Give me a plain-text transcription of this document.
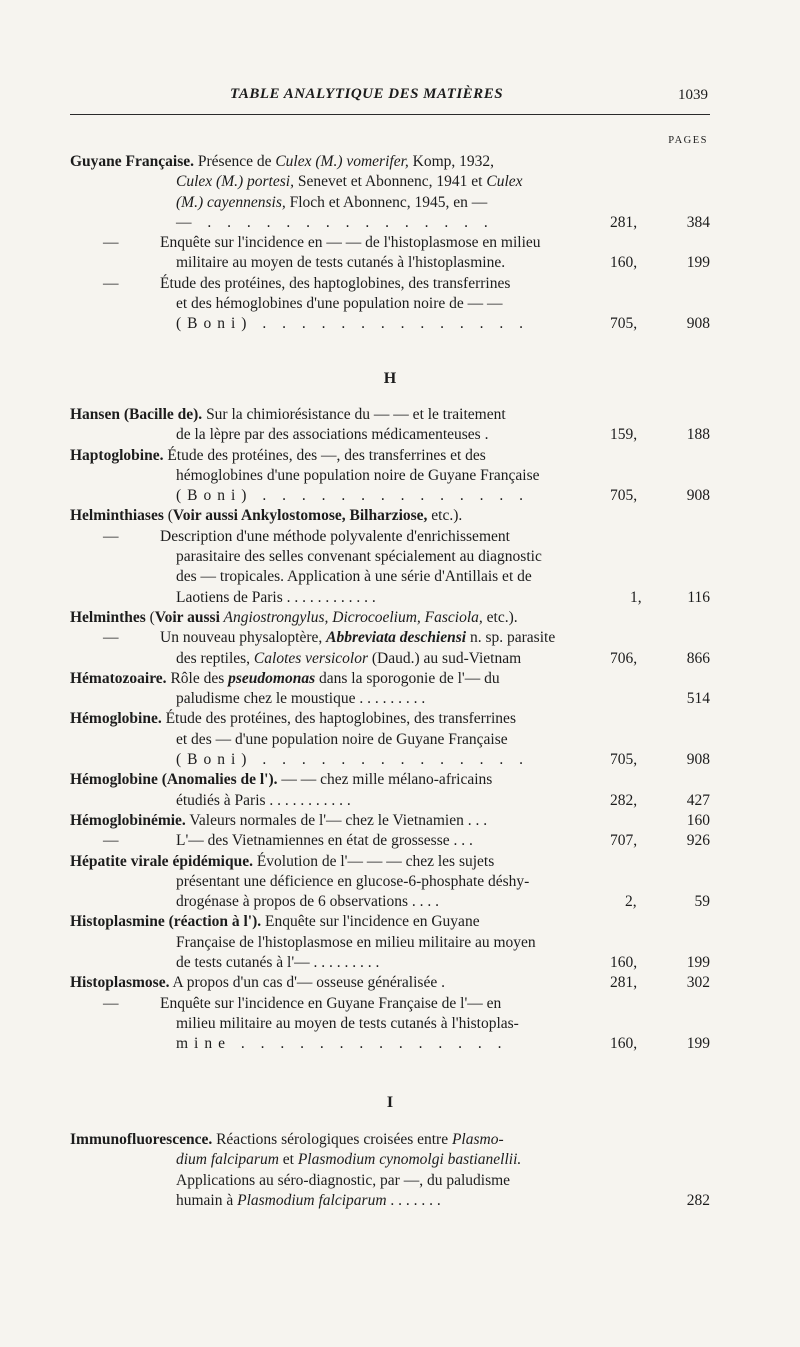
TABLE ANALYTIQUE DES MATIÈRES	1039
PAGES
Guyane Française. Présence de Culex (M.) vomerifer, Komp, 1932,
Culex (M.) portesi, Senevet et Abonnenc, 1941 et Culex
(M.) cayennensis, Floch et Abonnenc, 1945, en —
— . . . . . . . . . . . . . . .	281,	384
—	Enquête sur l'incidence en — — de l'histoplasmose en milieu
militaire au moyen de tests cutanés à l'histoplasmine.	160,	199
—	Étude des protéines, des haptoglobines, des transferrines
et des hémoglobines d'une population noire de — —
(Boni) . . . . . . . . . . . . . .	705,	908
H
Hansen (Bacille de). Sur la chimiorésistance du — — et le traitement
de la lèpre par des associations médicamenteuses .	159,	188
Haptoglobine. Étude des protéines, des —, des transferrines et des
hémoglobines d'une population noire de Guyane Française
(Boni) . . . . . . . . . . . . . .	705,	908
Helminthiases (Voir aussi Ankylostomose, Bilharziose, etc.).
—	Description d'une méthode polyvalente d'enrichissement
parasitaire des selles convenant spécialement au diagnostic
des — tropicales. Application à une série d'Antillais et de
Laotiens de Paris . . . . . . . . . . . .	1,	116
Helminthes (Voir aussi Angiostrongylus, Dicrocoelium, Fasciola, etc.).
—	Un nouveau physaloptère, Abbreviata deschiensi n. sp. parasite
des reptiles, Calotes versicolor (Daud.) au sud-Vietnam	706,	866
Hématozoaire. Rôle des pseudomonas dans la sporogonie de l'— du
paludisme chez le moustique . . . . . . . . .	514
Hémoglobine. Étude des protéines, des haptoglobines, des transferrines
et des — d'une population noire de Guyane Française
(Boni) . . . . . . . . . . . . . .	705,	908
Hémoglobine (Anomalies de l'). — — chez mille mélano-africains
étudiés à Paris . . . . . . . . . . .	282,	427
Hémoglobinémie. Valeurs normales de l'— chez le Vietnamien . . .	160
—	L'— des Vietnamiennes en état de grossesse . . .	707,	926
Hépatite virale épidémique. Évolution de l'— — — chez les sujets
présentant une déficience en glucose-6-phosphate déshy-
drogénase à propos de 6 observations . . . .	2,	59
Histoplasmine (réaction à l'). Enquête sur l'incidence en Guyane
Française de l'histoplasmose en milieu militaire au moyen
de tests cutanés à l'— . . . . . . . . .	160,	199
Histoplasmose. A propos d'un cas d'— osseuse généralisée .	281,	302
—	Enquête sur l'incidence en Guyane Française de l'— en
milieu militaire au moyen de tests cutanés à l'histoplas-
mine . . . . . . . . . . . . . .	160,	199
I
Immunofluorescence. Réactions sérologiques croisées entre Plasmo-
dium falciparum et Plasmodium cynomolgi bastianellii.
Applications au séro-diagnostic, par —, du paludisme
humain à Plasmodium falciparum . . . . . . .	282
